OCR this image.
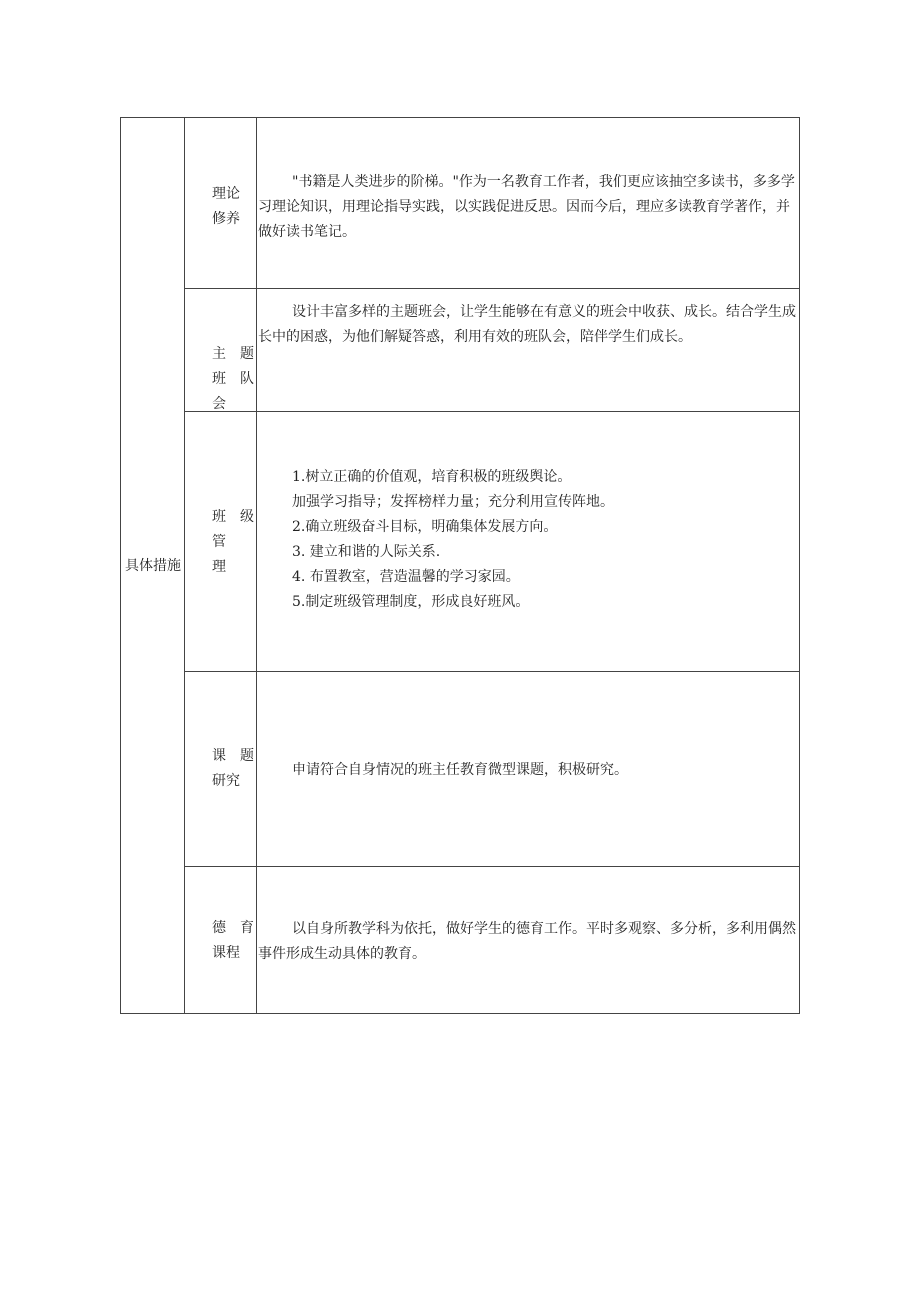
具体措施
理论
修养

"书籍是人类进步的阶梯。"作为一名教育工作者，我们更应该抽空多读书，多多学习理论知识，用理论指导实践，以实践促进反思。因而今后，理应多读教育学著作，并做好读书笔记。

主　题
班　队
会

设计丰富多样的主题班会，让学生能够在有意义的班会中收获、成长。结合学生成长中的困惑，为他们解疑答惑，利用有效的班队会，陪伴学生们成长。

班　级
管
理
1.树立正确的价值观，培育积极的班级舆论。
加强学习指导；发挥榜样力量；充分利用宣传阵地。
2.确立班级奋斗目标，明确集体发展方向。
3. 建立和谐的人际关系.
4. 布置教室，营造温馨的学习家园。
5.制定班级管理制度，形成良好班风。
课　题
研究

申请符合自身情况的班主任教育微型课题，积极研究。

德　育
课程

以自身所教学科为依托，做好学生的德育工作。平时多观察、多分析，多利用偶然事件形成生动具体的教育。
